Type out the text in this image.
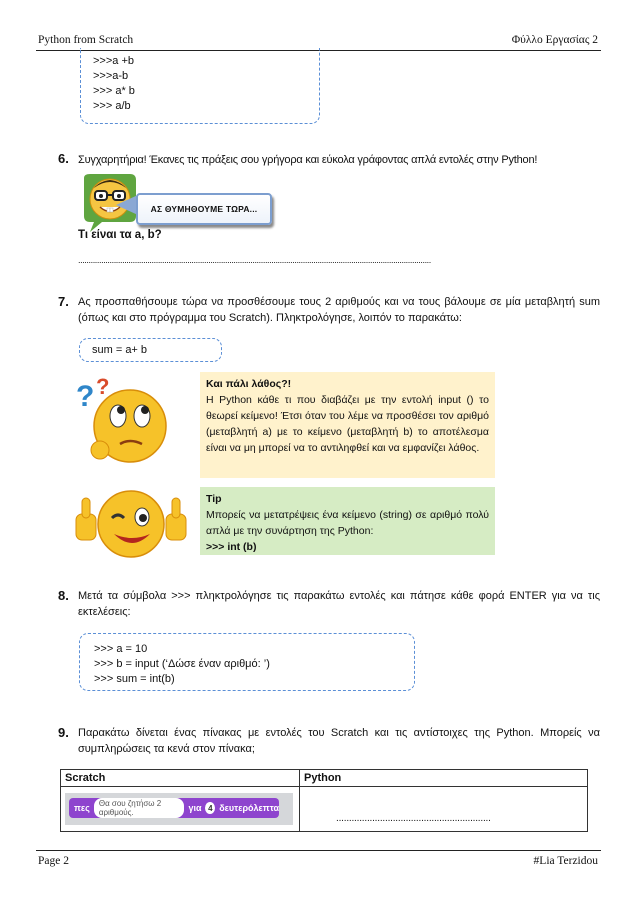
Python from Scratch	Φύλλο Εργασίας 2
>>>a +b
>>>a-b
>>> a* b
>>> a/b
6. Συγχαρητήρια! Έκανες τις πράξεις σου γρήγορα και εύκολα γράφοντας απλά εντολές στην Python!
ΑΣ ΘΥΜΗΘΟΥΜΕ ΤΩΡΑ...
Τι είναι τα a, b?
........................................................................................................................................................................
7. Ας προσπαθήσουμε τώρα να προσθέσουμε τους 2 αριθμούς και να τους βάλουμε σε μία μεταβλητή sum (όπως και στο πρόγραμμα του Scratch). Πληκτρολόγησε, λοιπόν το παρακάτω:
sum = a+ b
? ?	Και πάλι λάθος?!
Η Python κάθε τι που διαβάζει με την εντολή input () το θεωρεί κείμενο! Έτσι όταν του λέμε να προσθέσει τον αριθμό (μεταβλητή a) με το κείμενο (μεταβλητή b) το αποτέλεσμα είναι να μη μπορεί να το αντιληφθεί και να εμφανίζει λάθος.
Tip
Μπορείς να μετατρέψεις ένα κείμενο (string) σε αριθμό πολύ απλά με την συνάρτηση της Python:
>>> int (b)
8. Μετά τα σύμβολα >>> πληκτρολόγησε τις παρακάτω εντολές και πάτησε κάθε φορά ENTER για να τις εκτελέσεις:
>>> a = 10
>>> b = input (‘Δώσε έναν αριθμό: ’)
>>> sum = int(b)
9. Παρακάτω δίνεται ένας πίνακας με εντολές του Scratch και τις αντίστοιχες της Python. Μπορείς να συμπληρώσεις τα κενά στον πίνακα;
Scratch	Python

πες Θα σου ζητήσω 2 αριθμούς. για 4 δευτερόλεπτα	............................................................
Page 2	#Lia Terzidou
